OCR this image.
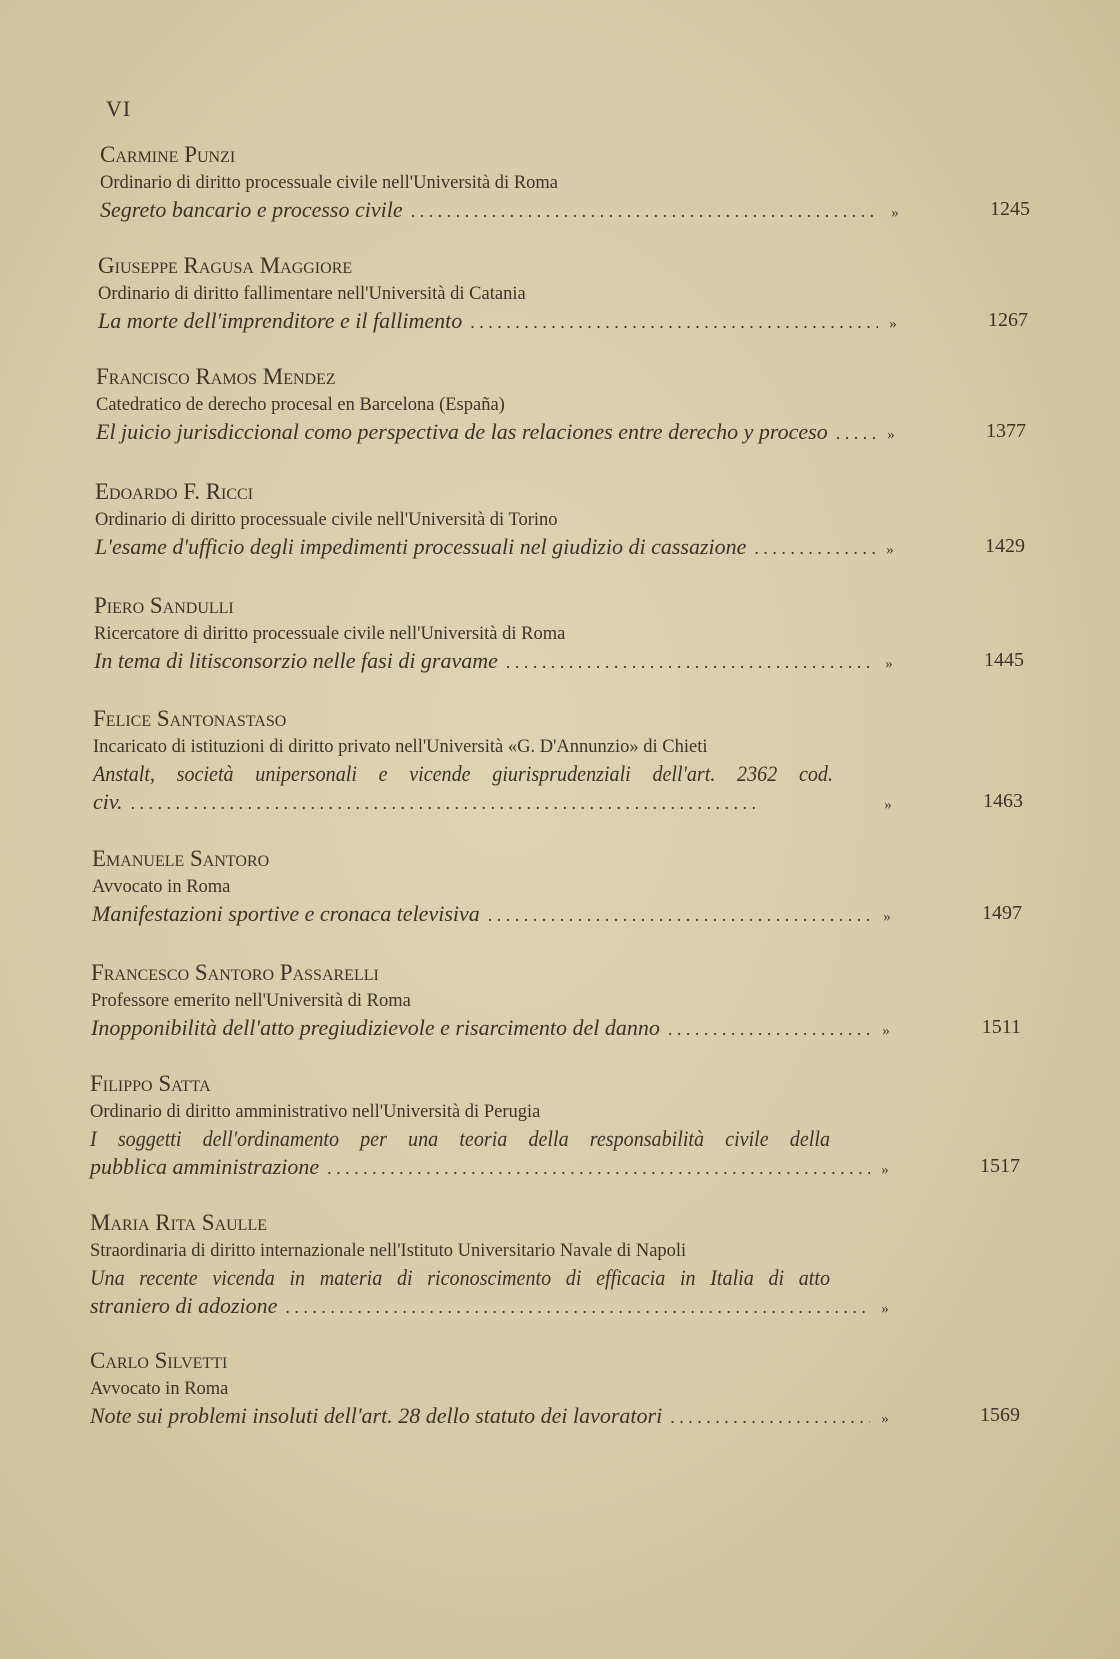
VI
Carmine Punzi
Ordinario di diritto processuale civile nell'Università di Roma
Segreto bancario e processo civile . . .	»	1245
Giuseppe Ragusa Maggiore
Ordinario di diritto fallimentare nell'Università di Catania
La morte dell'imprenditore e il fallimento . . .	»	1267
Francisco Ramos Mendez
Catedratico de derecho procesal en Barcelona (España)
El juicio jurisdiccional como perspectiva de las relaciones entre derecho y proceso . . .	»	1377
Edoardo F. Ricci
Ordinario di diritto processuale civile nell'Università di Torino
L'esame d'ufficio degli impedimenti processuali nel giudizio di cassazione . . .	»	1429
Piero Sandulli
Ricercatore di diritto processuale civile nell'Università di Roma
In tema di litisconsorzio nelle fasi di gravame . . .	»	1445
Felice Santonastaso
Incaricato di istituzioni di diritto privato nell'Università «G. D'Annunzio» di Chieti
Anstalt, società unipersonali e vicende giurisprudenziali dell'art. 2362 cod.
civ. . . .	»	1463
Emanuele Santoro
Avvocato in Roma
Manifestazioni sportive e cronaca televisiva . . .	»	1497
Francesco Santoro Passarelli
Professore emerito nell'Università di Roma
Inopponibilità dell'atto pregiudizievole e risarcimento del danno . . .	»	1511
Filippo Satta
Ordinario di diritto amministrativo nell'Università di Perugia
I soggetti dell'ordinamento per una teoria della responsabilità civile della
pubblica amministrazione . . .	»	1517
Maria Rita Saulle
Straordinaria di diritto internazionale nell'Istituto Universitario Navale di Napoli
Una recente vicenda in materia di riconoscimento di efficacia in Italia di atto
straniero di adozione . . .	»
Carlo Silvetti
Avvocato in Roma
Note sui problemi insoluti dell'art. 28 dello statuto dei lavoratori . . .	»	1569
